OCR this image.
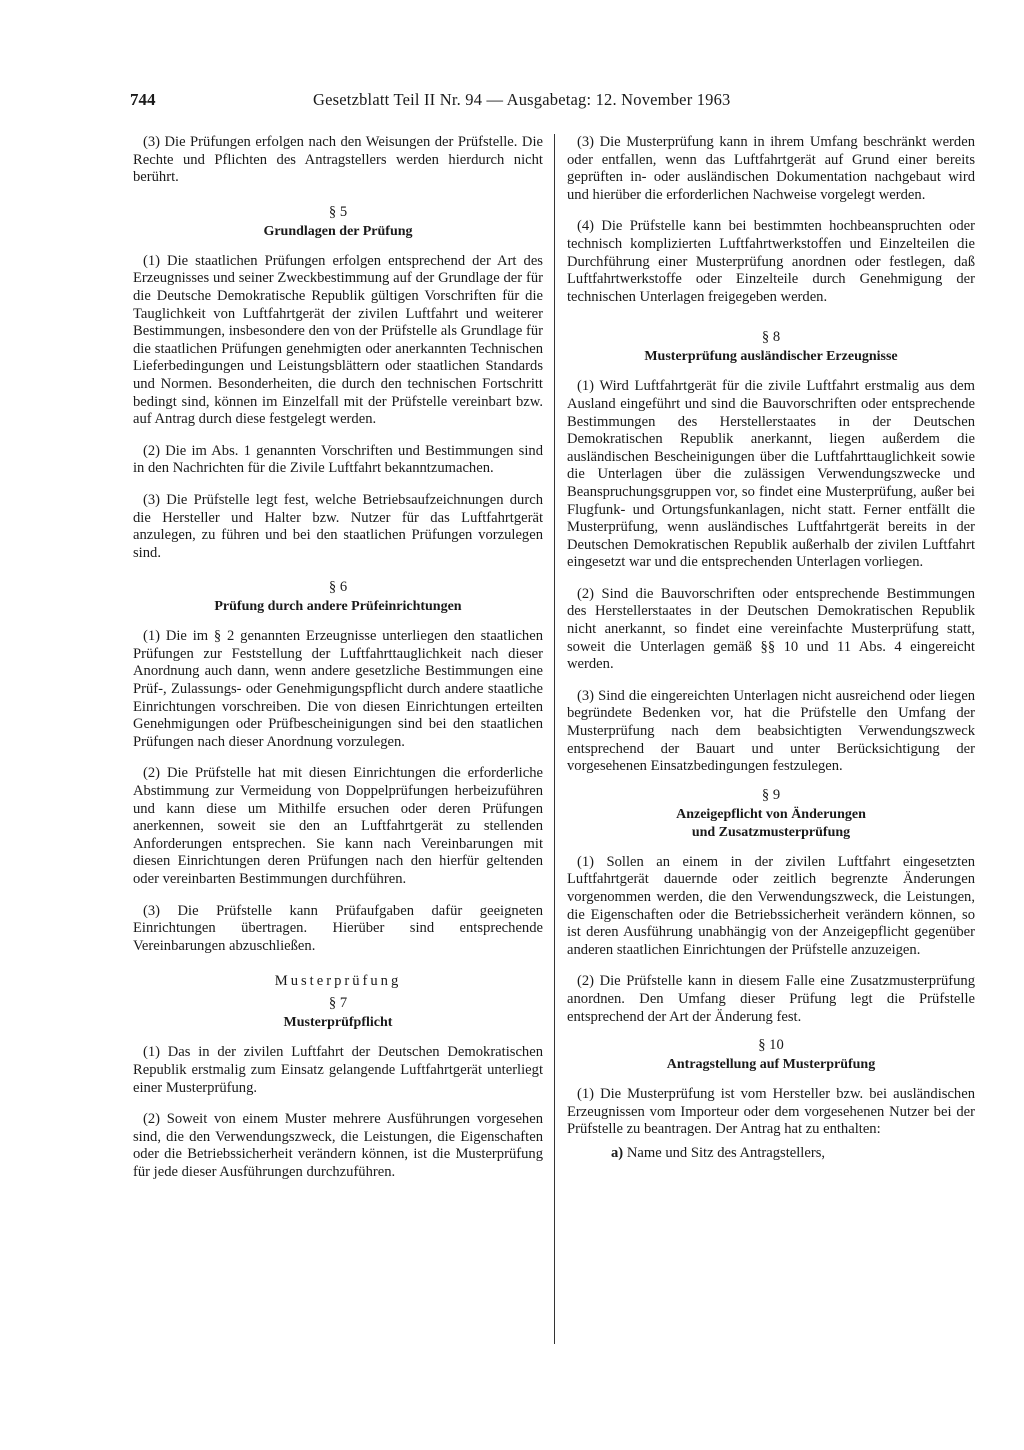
744	Gesetzblatt Teil II Nr. 94 — Ausgabetag: 12. November 1963

(3) Die Prüfungen erfolgen nach den Weisungen der Prüfstelle. Die Rechte und Pflichten des Antragstellers werden hierdurch nicht berührt.

§ 5
Grundlagen der Prüfung

(1) Die staatlichen Prüfungen erfolgen entsprechend der Art des Erzeugnisses und seiner Zweckbestimmung auf der Grundlage der für die Deutsche Demokratische Republik gültigen Vorschriften für die Tauglichkeit von Luftfahrtgerät der zivilen Luftfahrt und weiterer Bestimmungen, insbesondere den von der Prüfstelle als Grundlage für die staatlichen Prüfungen genehmigten oder anerkannten Technischen Lieferbedingungen und Leistungsblättern oder staatlichen Standards und Normen. Besonderheiten, die durch den technischen Fortschritt bedingt sind, können im Einzelfall mit der Prüfstelle vereinbart bzw. auf Antrag durch diese festgelegt werden.

(2) Die im Abs. 1 genannten Vorschriften und Bestimmungen sind in den Nachrichten für die Zivile Luftfahrt bekanntzumachen.

(3) Die Prüfstelle legt fest, welche Betriebsaufzeichnungen durch die Hersteller und Halter bzw. Nutzer für das Luftfahrtgerät anzulegen, zu führen und bei den staatlichen Prüfungen vorzulegen sind.

§ 6
Prüfung durch andere Prüfeinrichtungen

(1) Die im § 2 genannten Erzeugnisse unterliegen den staatlichen Prüfungen zur Feststellung der Luftfahrttauglichkeit nach dieser Anordnung auch dann, wenn andere gesetzliche Bestimmungen eine Prüf-, Zulassungs- oder Genehmigungspflicht durch andere staatliche Einrichtungen vorschreiben. Die von diesen Einrichtungen erteilten Genehmigungen oder Prüfbescheinigungen sind bei den staatlichen Prüfungen nach dieser Anordnung vorzulegen.

(2) Die Prüfstelle hat mit diesen Einrichtungen die erforderliche Abstimmung zur Vermeidung von Doppelprüfungen herbeizuführen und kann diese um Mithilfe ersuchen oder deren Prüfungen anerkennen, soweit sie den an Luftfahrtgerät zu stellenden Anforderungen entsprechen. Sie kann nach Vereinbarungen mit diesen Einrichtungen deren Prüfungen nach den hierfür geltenden oder vereinbarten Bestimmungen durchführen.

(3) Die Prüfstelle kann Prüfaufgaben dafür geeigneten Einrichtungen übertragen. Hierüber sind entsprechende Vereinbarungen abzuschließen.

Musterprüfung
§ 7
Musterprüfpflicht

(1) Das in der zivilen Luftfahrt der Deutschen Demokratischen Republik erstmalig zum Einsatz gelangende Luftfahrtgerät unterliegt einer Musterprüfung.

(2) Soweit von einem Muster mehrere Ausführungen vorgesehen sind, die den Verwendungszweck, die Leistungen, die Eigenschaften oder die Betriebssicherheit verändern können, ist die Musterprüfung für jede dieser Ausführungen durchzuführen.

(3) Die Musterprüfung kann in ihrem Umfang beschränkt werden oder entfallen, wenn das Luftfahrtgerät auf Grund einer bereits geprüften in- oder ausländischen Dokumentation nachgebaut wird und hierüber die erforderlichen Nachweise vorgelegt werden.

(4) Die Prüfstelle kann bei bestimmten hochbeanspruchten oder technisch komplizierten Luftfahrtwerkstoffen und Einzelteilen die Durchführung einer Musterprüfung anordnen oder festlegen, daß Luftfahrtwerkstoffe oder Einzelteile durch Genehmigung der technischen Unterlagen freigegeben werden.

§ 8
Musterprüfung ausländischer Erzeugnisse

(1) Wird Luftfahrtgerät für die zivile Luftfahrt erstmalig aus dem Ausland eingeführt und sind die Bauvorschriften oder entsprechende Bestimmungen des Herstellerstaates in der Deutschen Demokratischen Republik anerkannt, liegen außerdem die ausländischen Bescheinigungen über die Luftfahrttauglichkeit sowie die Unterlagen über die zulässigen Verwendungszwecke und Beanspruchungsgruppen vor, so findet eine Musterprüfung, außer bei Flugfunk- und Ortungsfunkanlagen, nicht statt. Ferner entfällt die Musterprüfung, wenn ausländisches Luftfahrtgerät bereits in der Deutschen Demokratischen Republik außerhalb der zivilen Luftfahrt eingesetzt war und die entsprechenden Unterlagen vorliegen.

(2) Sind die Bauvorschriften oder entsprechende Bestimmungen des Herstellerstaates in der Deutschen Demokratischen Republik nicht anerkannt, so findet eine vereinfachte Musterprüfung statt, soweit die Unterlagen gemäß §§ 10 und 11 Abs. 4 eingereicht werden.

(3) Sind die eingereichten Unterlagen nicht ausreichend oder liegen begründete Bedenken vor, hat die Prüfstelle den Umfang der Musterprüfung nach dem beabsichtigten Verwendungszweck entsprechend der Bauart und unter Berücksichtigung der vorgesehenen Einsatzbedingungen festzulegen.

§ 9
Anzeigepflicht von Änderungen
und Zusatzmusterprüfung

(1) Sollen an einem in der zivilen Luftfahrt eingesetzten Luftfahrtgerät dauernde oder zeitlich begrenzte Änderungen vorgenommen werden, die den Verwendungszweck, die Leistungen, die Eigenschaften oder die Betriebssicherheit verändern können, so ist deren Ausführung unabhängig von der Anzeigepflicht gegenüber anderen staatlichen Einrichtungen der Prüfstelle anzuzeigen.

(2) Die Prüfstelle kann in diesem Falle eine Zusatzmusterprüfung anordnen. Den Umfang dieser Prüfung legt die Prüfstelle entsprechend der Art der Änderung fest.

§ 10
Antragstellung auf Musterprüfung

(1) Die Musterprüfung ist vom Hersteller bzw. bei ausländischen Erzeugnissen vom Importeur oder dem vorgesehenen Nutzer bei der Prüfstelle zu beantragen. Der Antrag hat zu enthalten:

a) Name und Sitz des Antragstellers,
